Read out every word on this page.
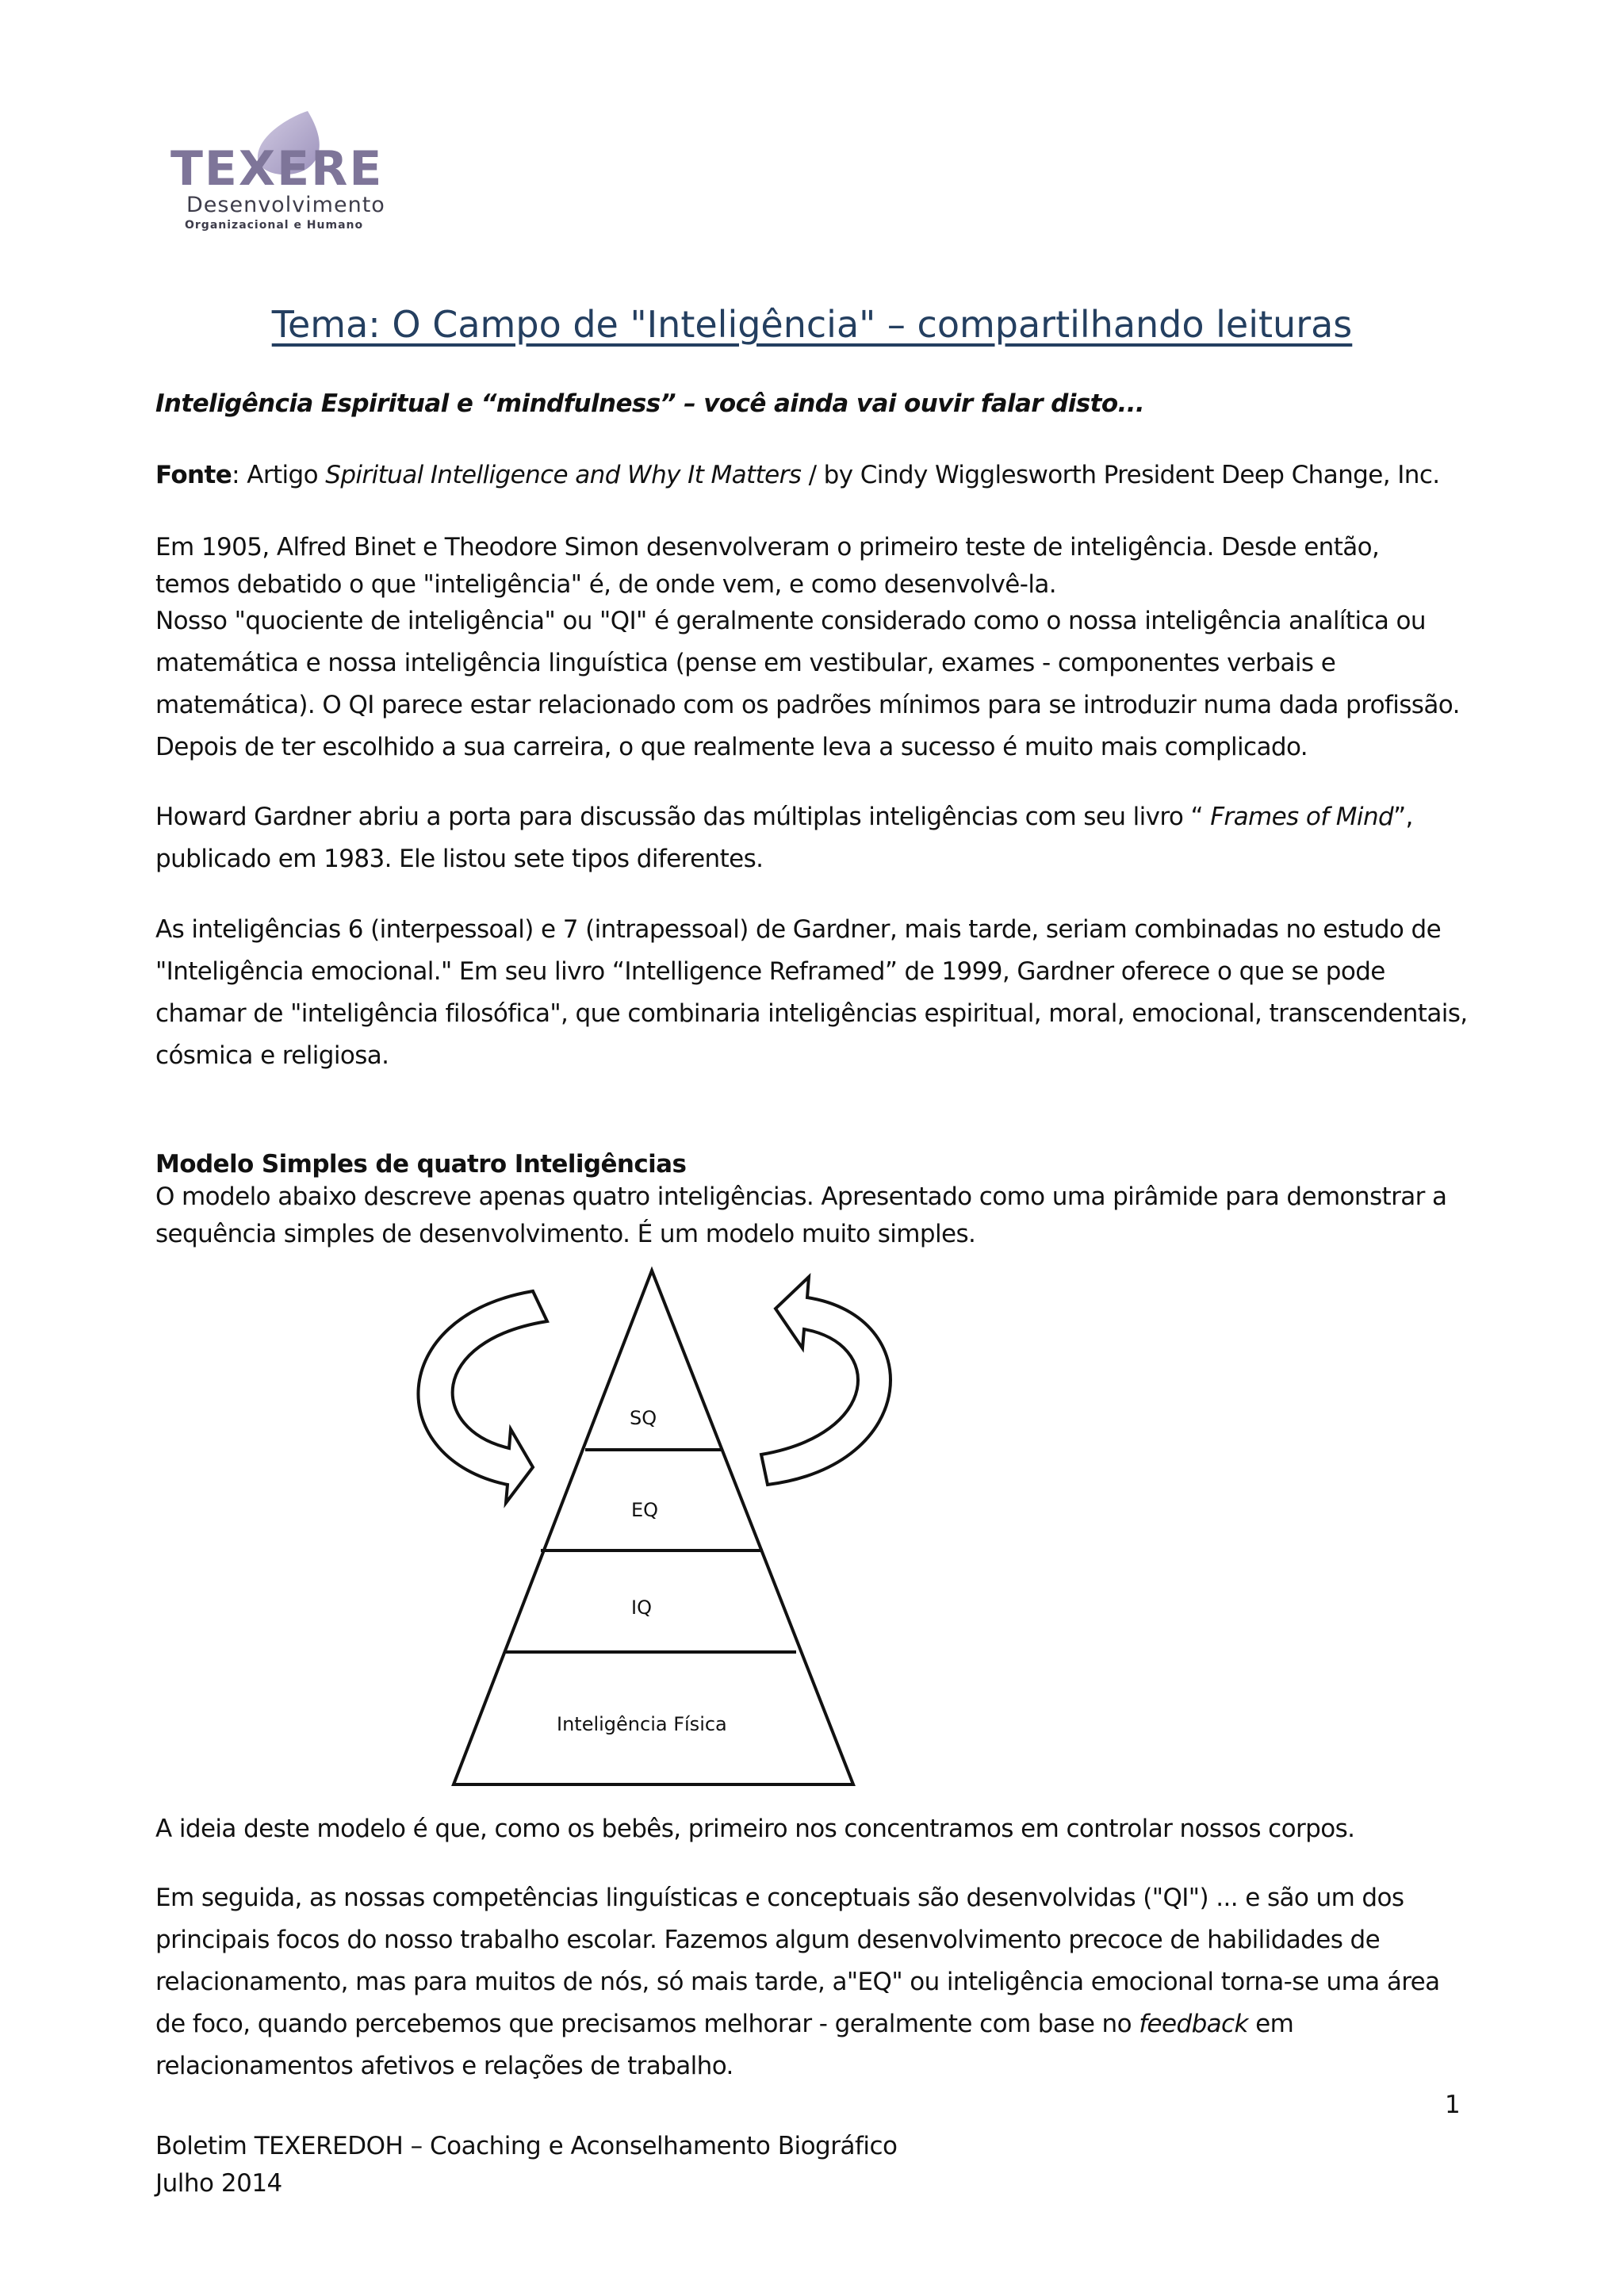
TEXERE
Desenvolvimento
Organizacional e Humano
Tema: O Campo de "Inteligência" – compartilhando leituras
Inteligência Espiritual e “mindfulness” – você ainda vai ouvir falar disto...
Fonte: Artigo Spiritual Intelligence and Why It Matters / by Cindy Wigglesworth President Deep Change, Inc.
Em 1905, Alfred Binet e Theodore Simon desenvolveram o primeiro teste de inteligência. Desde então,
temos debatido o que "inteligência" é, de onde vem, e como desenvolvê-la.
Nosso "quociente de inteligência" ou "QI" é geralmente considerado como o nossa inteligência analítica ou matemática e nossa inteligência linguística (pense em vestibular, exames - componentes verbais e matemática). O QI parece estar relacionado com os padrões mínimos para se introduzir numa dada profissão. Depois de ter escolhido a sua carreira, o que realmente leva a sucesso é muito mais complicado.
Howard Gardner abriu a porta para discussão das múltiplas inteligências com seu livro “ Frames of Mind”, publicado em 1983. Ele listou sete tipos diferentes.
As inteligências 6 (interpessoal) e 7 (intrapessoal) de Gardner, mais tarde, seriam combinadas no estudo de "Inteligência emocional." Em seu livro “Intelligence Reframed” de 1999, Gardner oferece o que se pode chamar de "inteligência filosófica", que combinaria inteligências espiritual, moral, emocional, transcendentais, cósmica e religiosa.
Modelo Simples de quatro Inteligências
O modelo abaixo descreve apenas quatro inteligências. Apresentado como uma pirâmide para demonstrar a sequência simples de desenvolvimento. É um modelo muito simples.
SQ
EQ
IQ
Inteligência Física
A ideia deste modelo é que, como os bebês, primeiro nos concentramos em controlar nossos corpos.
Em seguida, as nossas competências linguísticas e conceptuais são desenvolvidas ("QI") ... e são um dos principais focos do nosso trabalho escolar. Fazemos algum desenvolvimento precoce de habilidades de relacionamento, mas para muitos de nós, só mais tarde, a"EQ" ou inteligência emocional torna-se uma área de foco, quando percebemos que precisamos melhorar - geralmente com base no feedback em relacionamentos afetivos e relações de trabalho.
1
Boletim TEXEREDOH – Coaching e Aconselhamento Biográfico
Julho 2014
